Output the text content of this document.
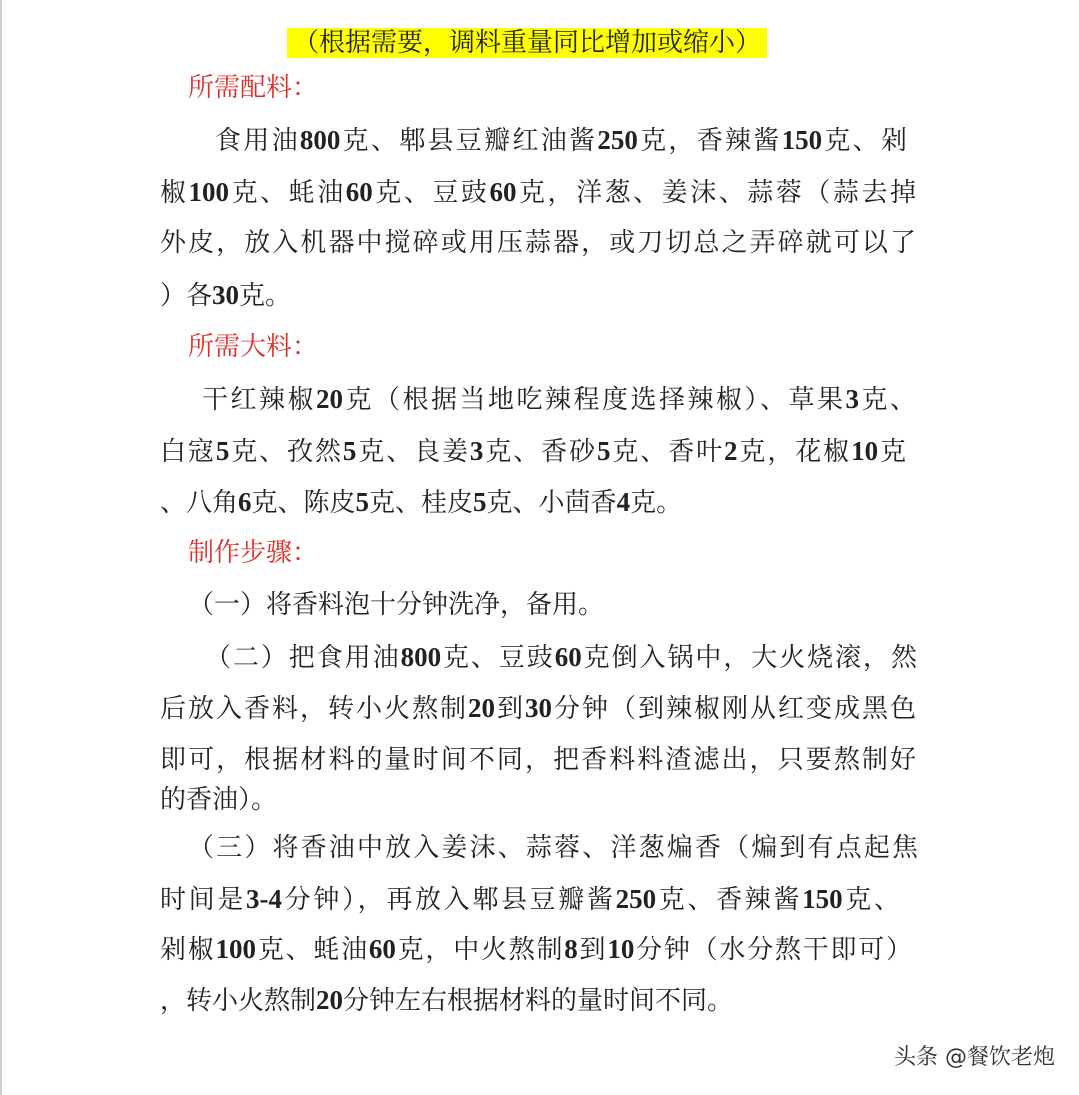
（根据需要，调料重量同比增加或缩小）
所需配料：
食用油800克、郫县豆瓣红油酱250克，香辣酱150克、剁
椒100克、蚝油60克、豆豉60克，洋葱、姜沫、蒜蓉（蒜去掉
外皮，放入机器中搅碎或用压蒜器，或刀切总之弄碎就可以了
）各30克。
所需大料：
干红辣椒20克（根据当地吃辣程度选择辣椒）、草果3克、
白寇5克、孜然5克、良姜3克、香砂5克、香叶2克，花椒10克
、八角6克、陈皮5克、桂皮5克、小茴香4克。
制作步骤：
（一）将香料泡十分钟洗净，备用。
（二）把食用油800克、豆豉60克倒入锅中，大火烧滚，然
后放入香料，转小火熬制20到30分钟（到辣椒刚从红变成黑色
即可，根据材料的量时间不同，把香料料渣滤出，只要熬制好
的香油）。
（三）将香油中放入姜沫、蒜蓉、洋葱煸香（煸到有点起焦
时间是3-4分钟），再放入郫县豆瓣酱250克、香辣酱150克、
剁椒100克、蚝油60克，中火熬制8到10分钟（水分熬干即可）
，转小火熬制20分钟左右根据材料的量时间不同。
头条 @餐饮老炮
